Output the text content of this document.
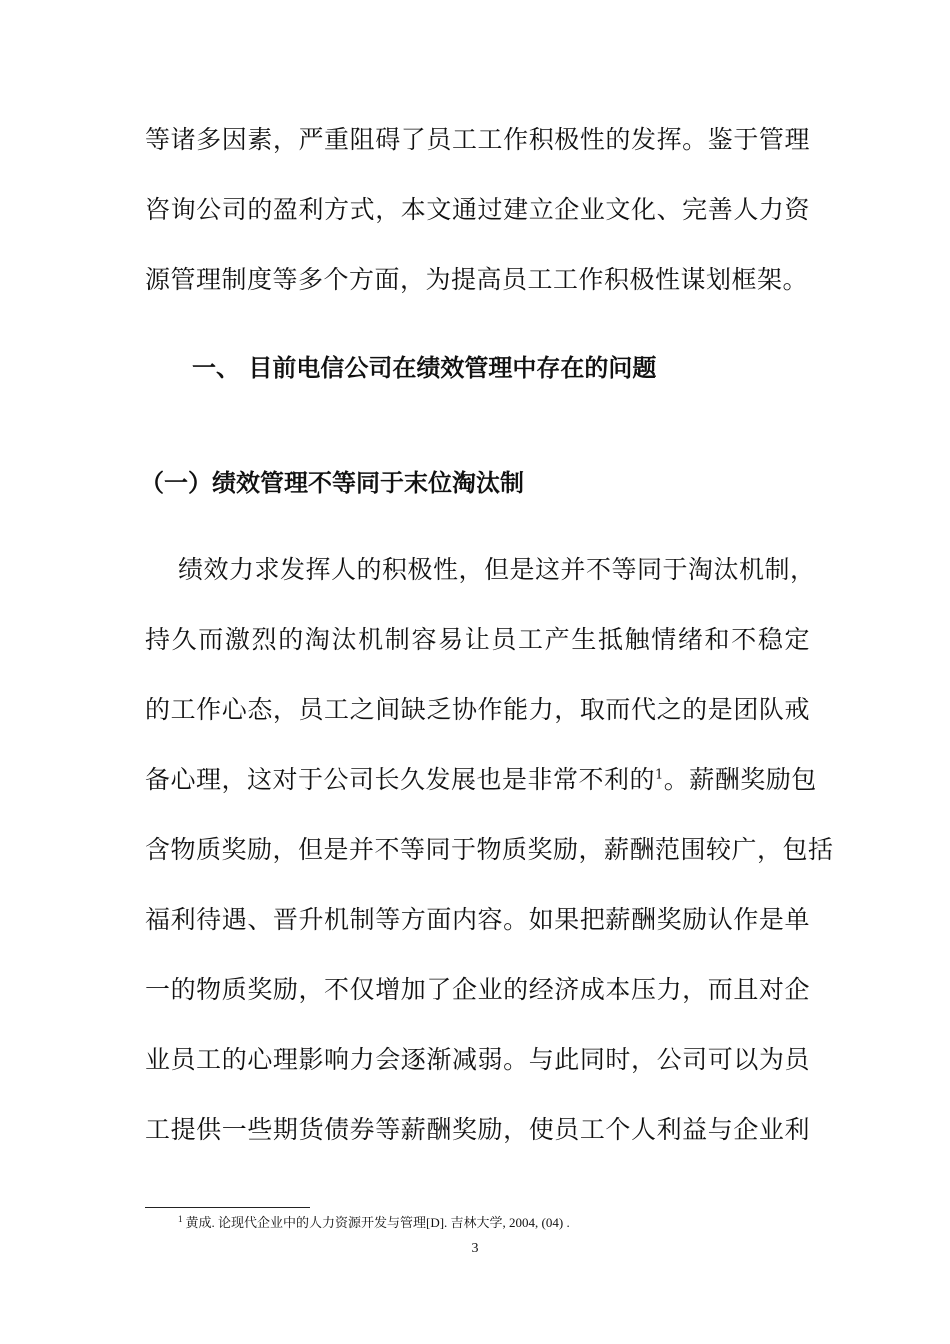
等诸多因素，严重阻碍了员工工作积极性的发挥。鉴于管理
咨询公司的盈利方式，本文通过建立企业文化、完善人力资
源管理制度等多个方面，为提高员工工作积极性谋划框架。
一、 目前电信公司在绩效管理中存在的问题
（一）绩效管理不等同于末位淘汰制
绩效力求发挥人的积极性，但是这并不等同于淘汰机制，
持久而激烈的淘汰机制容易让员工产生抵触情绪和不稳定
的工作心态，员工之间缺乏协作能力，取而代之的是团队戒
备心理，这对于公司长久发展也是非常不利的$^1$。薪酬奖励包
含物质奖励，但是并不等同于物质奖励，薪酬范围较广，包括
福利待遇、晋升机制等方面内容。如果把薪酬奖励认作是单
一的物质奖励，不仅增加了企业的经济成本压力，而且对企
业员工的心理影响力会逐渐减弱。与此同时，公司可以为员
工提供一些期货债券等薪酬奖励，使员工个人利益与企业利
$^1$ 黄成. 论现代企业中的人力资源开发与管理[D]. 吉林大学, 2004, (04) .
3
